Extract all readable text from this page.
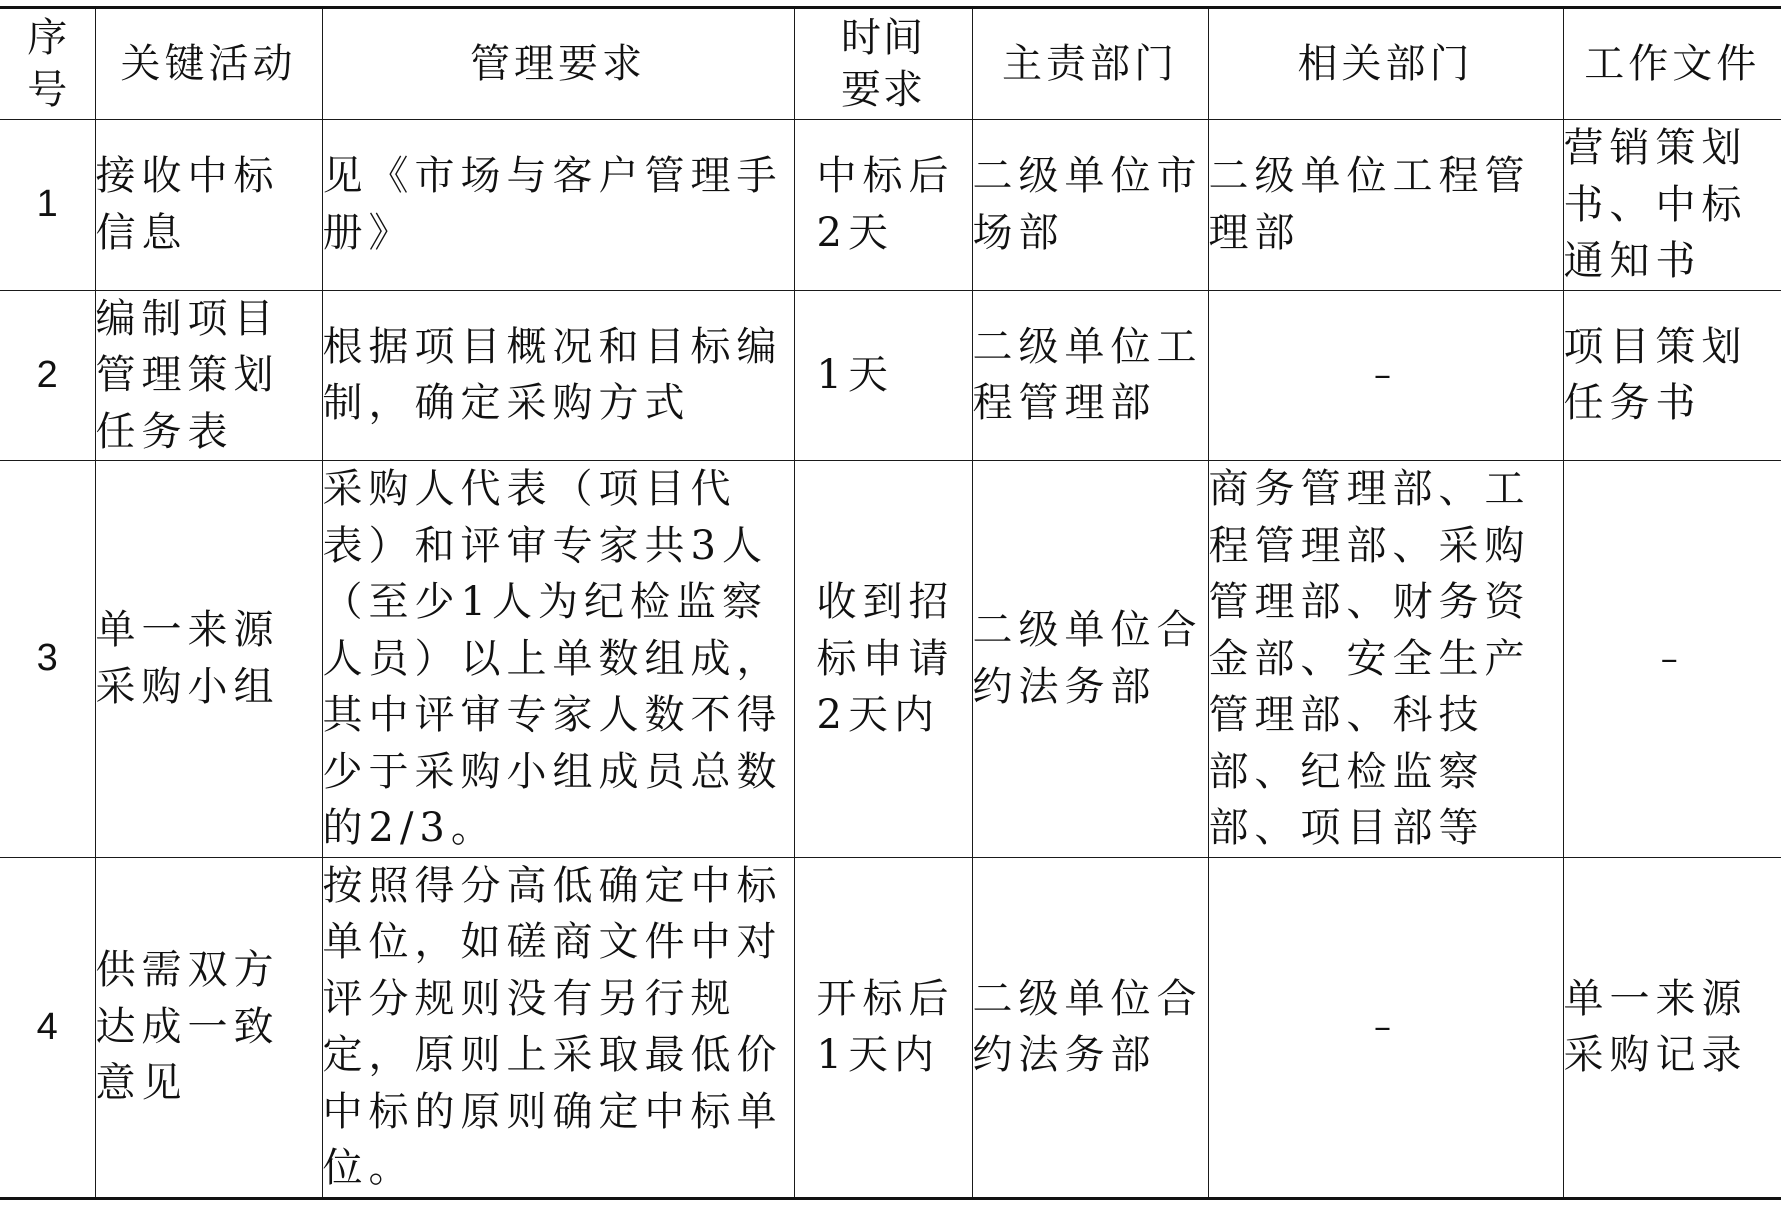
序号	关键活动	管理要求	时间要求	主责部门	相关部门	工作文件
1	接收中标信息	见《市场与客户管理手册》	中标后2天	二级单位市场部	二级单位工程管理部	营销策划书、中标通知书
2	编制项目管理策划任务表	根据项目概况和目标编制，确定采购方式	1天	二级单位工程管理部	–	项目策划任务书
3	单一来源采购小组	采购人代表（项目代表）和评审专家共3人（至少1人为纪检监察人员）以上单数组成，其中评审专家人数不得少于采购小组成员总数的2/3。	收到招标申请2天内	二级单位合约法务部	商务管理部、工程管理部、采购管理部、财务资金部、安全生产管理部、科技部、纪检监察部、项目部等	–
4	供需双方达成一致意见	按照得分高低确定中标单位，如磋商文件中对评分规则没有另行规定，原则上采取最低价中标的原则确定中标单位。	开标后1天内	二级单位合约法务部	–	单一来源采购记录
